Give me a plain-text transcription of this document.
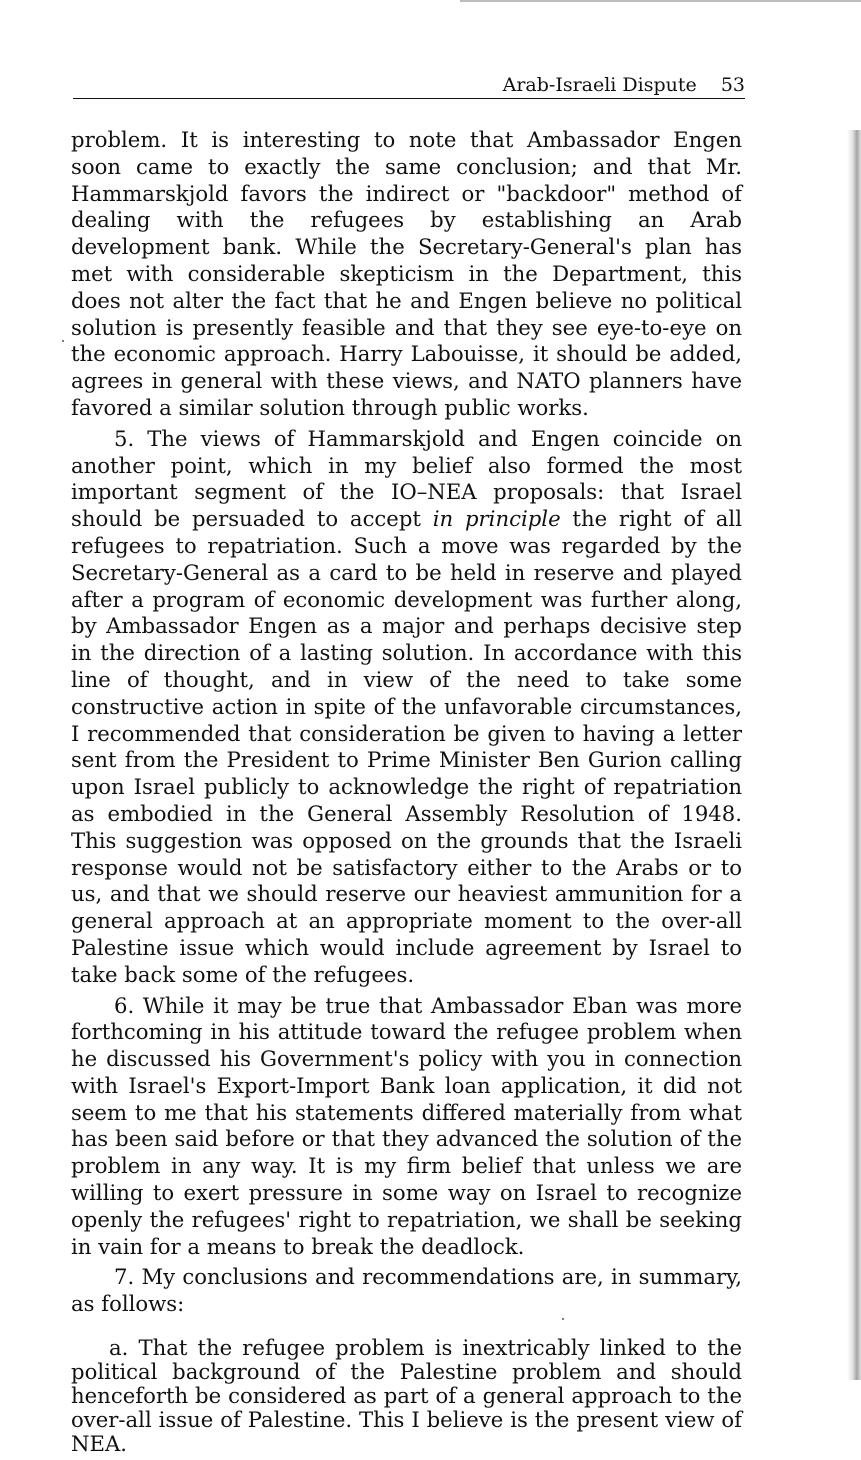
Arab-Israeli Dispute 53

problem. It is interesting to note that Ambassador Engen soon came to exactly the same conclusion; and that Mr. Hammarskjold favors the indirect or "backdoor" method of dealing with the refugees by establishing an Arab development bank. While the Secretary-General's plan has met with considerable skepticism in the Department, this does not alter the fact that he and Engen believe no political solution is presently feasible and that they see eye-to-eye on the economic approach. Harry Labouisse, it should be added, agrees in general with these views, and NATO planners have favored a similar solution through public works.

5. The views of Hammarskjold and Engen coincide on another point, which in my belief also formed the most important segment of the IO–NEA proposals: that Israel should be persuaded to accept in principle the right of all refugees to repatriation. Such a move was regarded by the Secretary-General as a card to be held in reserve and played after a program of economic development was further along, by Ambassador Engen as a major and perhaps decisive step in the direction of a lasting solution. In accordance with this line of thought, and in view of the need to take some constructive action in spite of the unfavorable circumstances, I recommended that consideration be given to having a letter sent from the President to Prime Minister Ben Gurion calling upon Israel publicly to acknowledge the right of repatriation as embodied in the General Assembly Resolution of 1948. This suggestion was opposed on the grounds that the Israeli response would not be satisfactory either to the Arabs or to us, and that we should reserve our heaviest ammunition for a general approach at an appropriate moment to the over-all Palestine issue which would include agreement by Israel to take back some of the refugees.

6. While it may be true that Ambassador Eban was more forthcoming in his attitude toward the refugee problem when he discussed his Government's policy with you in connection with Israel's Export-Import Bank loan application, it did not seem to me that his statements differed materially from what has been said before or that they advanced the solution of the problem in any way. It is my firm belief that unless we are willing to exert pressure in some way on Israel to recognize openly the refugees' right to repatriation, we shall be seeking in vain for a means to break the deadlock.

7. My conclusions and recommendations are, in summary, as follows:

a. That the refugee problem is inextricably linked to the political background of the Palestine problem and should henceforth be considered as part of a general approach to the over-all issue of Palestine. This I believe is the present view of NEA.
